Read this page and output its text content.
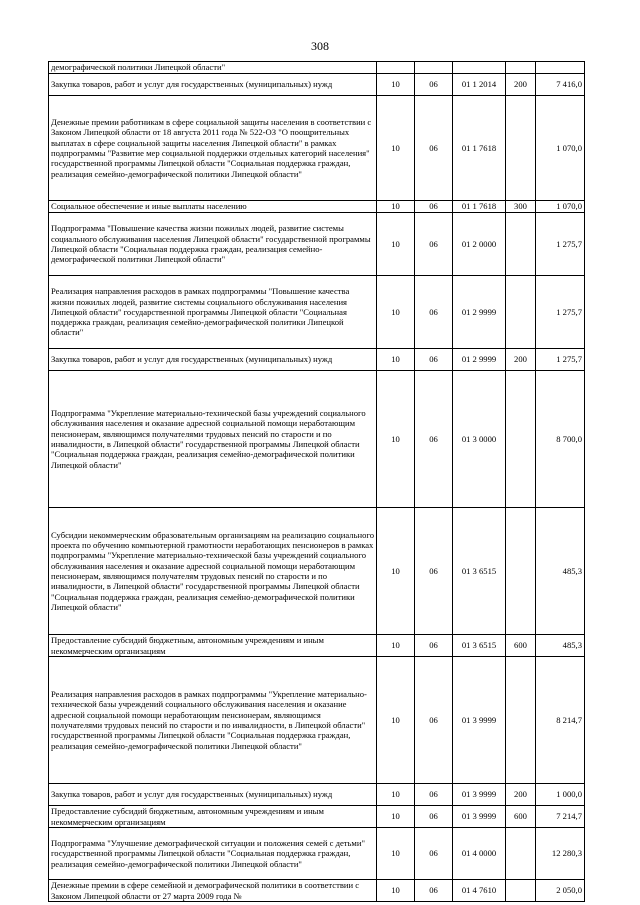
308
демографической политики Липецкой области"					
Закупка товаров, работ и услуг для государственных (муниципальных) нужд	10	06	01 1 2014	200	7 416,0
Денежные премии работникам в сфере социальной защиты населения в соответствии с Законом Липецкой области от 18 августа 2011 года № 522-ОЗ "О поощрительных выплатах в сфере социальной защиты населения Липецкой области" в рамках подпрограммы "Развитие мер социальной поддержки отдельных категорий населения" государственной программы Липецкой области "Социальная поддержка граждан, реализация семейно-демографической политики Липецкой области"	10	06	01 1 7618		1 070,0
Социальное обеспечение и иные выплаты населению	10	06	01 1 7618	300	1 070,0
Подпрограмма "Повышение качества жизни пожилых людей, развитие системы социального обслуживания населения Липецкой области" государственной программы Липецкой области "Социальная поддержка граждан, реализация семейно-демографической политики Липецкой области"	10	06	01 2 0000		1 275,7
Реализация направления расходов в рамках подпрограммы "Повышение качества жизни пожилых людей, развитие системы социального обслуживания населения Липецкой области" государственной программы Липецкой области "Социальная поддержка граждан, реализация семейно-демографической политики Липецкой области"	10	06	01 2 9999		1 275,7
Закупка товаров, работ и услуг для государственных (муниципальных) нужд	10	06	01 2 9999	200	1 275,7
Подпрограмма "Укрепление материально-технической базы учреждений социального обслуживания населения и оказание адресной социальной помощи неработающим пенсионерам, являющимся получателями трудовых пенсий по старости и по инвалидности, в Липецкой области" государственной программы Липецкой области "Социальная поддержка граждан, реализация семейно-демографической политики Липецкой области"	10	06	01 3 0000		8 700,0
Субсидии некоммерческим образовательным организациям на реализацию социального проекта по обучению компьютерной грамотности неработающих пенсионеров в рамках подпрограммы "Укрепление материально-технической базы учреждений социального обслуживания населения и оказание адресной социальной помощи неработающим пенсионерам, являющимся получателям трудовых пенсий по старости и по инвалидности, в Липецкой области" государственной программы Липецкой области "Социальная поддержка граждан, реализация семейно-демографической политики Липецкой области"	10	06	01 3 6515		485,3
Предоставление субсидий бюджетным, автономным учреждениям и иным некоммерческим организациям	10	06	01 3 6515	600	485,3
Реализация направления расходов в рамках подпрограммы "Укрепление материально-технической базы учреждений социального обслуживания населения и оказание адресной социальной помощи неработающим пенсионерам, являющимся получателями трудовых пенсий по старости и по инвалидности, в Липецкой области" государственной программы Липецкой области "Социальная поддержка граждан, реализация семейно-демографической политики Липецкой области"	10	06	01 3 9999		8 214,7
Закупка товаров, работ и услуг для государственных (муниципальных) нужд	10	06	01 3 9999	200	1 000,0
Предоставление субсидий бюджетным, автономным учреждениям и иным некоммерческим организациям	10	06	01 3 9999	600	7 214,7
Подпрограмма "Улучшение демографической ситуации и положения семей с детьми" государственной программы Липецкой области "Социальная поддержка граждан, реализация семейно-демографической политики Липецкой области"	10	06	01 4 0000		12 280,3
Денежные премии в сфере семейной и демографической политики в соответствии с Законом Липецкой области от 27 марта 2009 года №	10	06	01 4 7610		2 050,0
